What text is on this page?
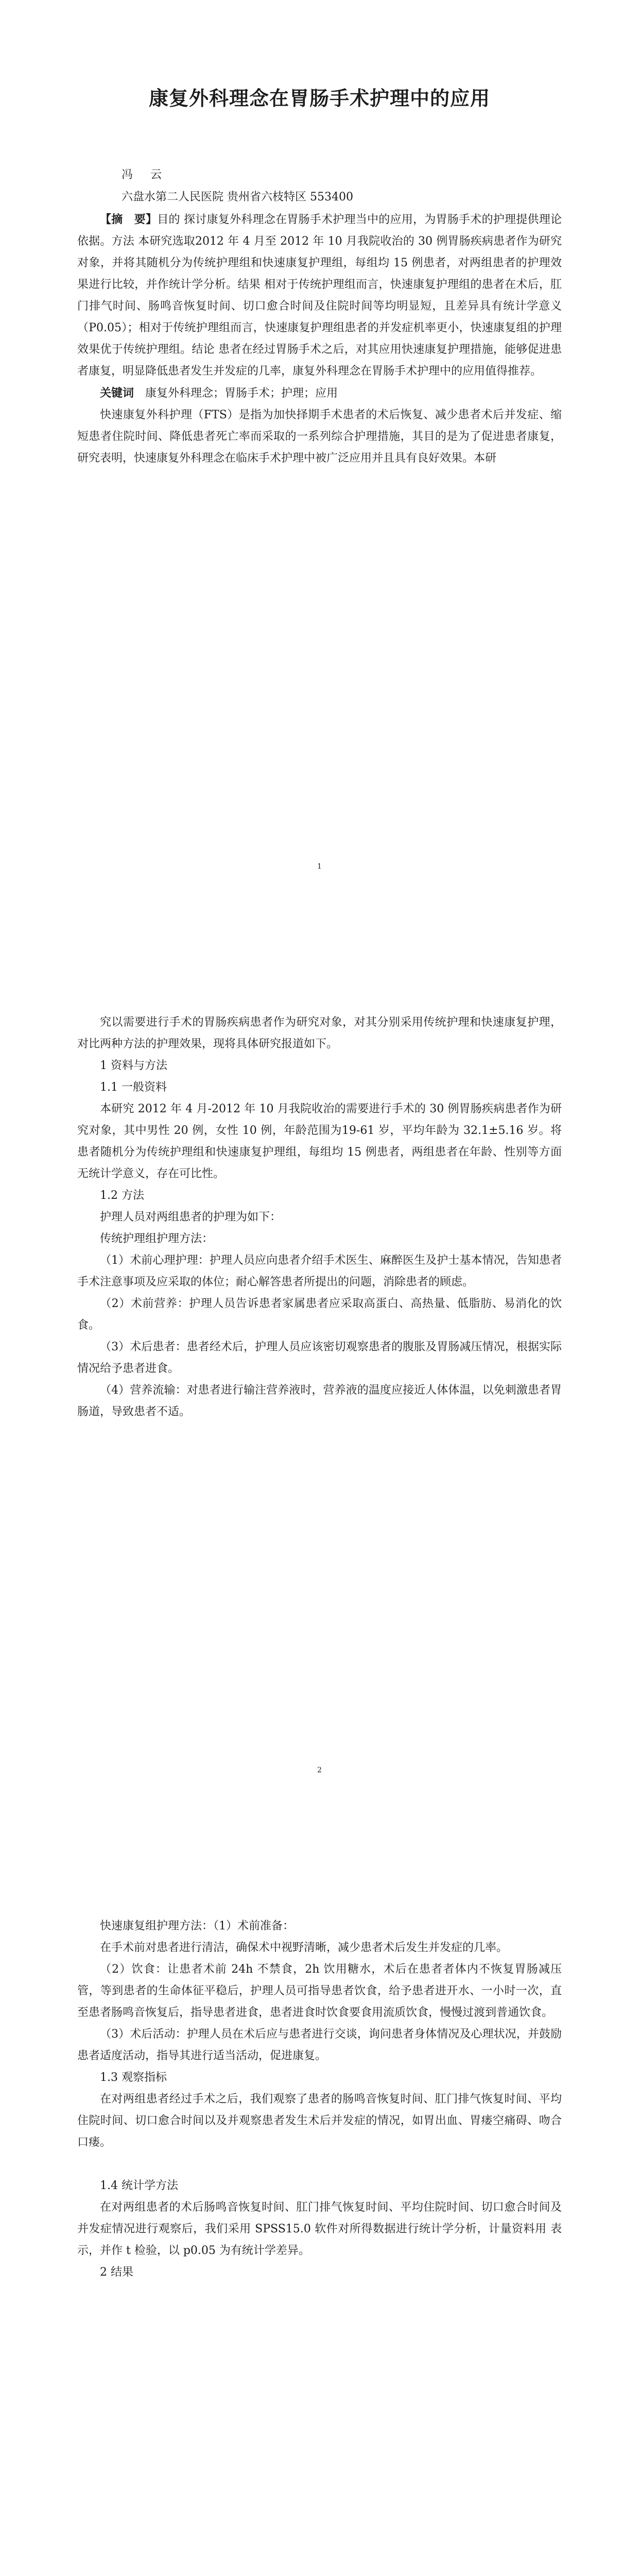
康复外科理念在胃肠手术护理中的应用

冯　云

六盘水第二人民医院 贵州省六枝特区 553400

【摘　要】目的 探讨康复外科理念在胃肠手术护理当中的应用，为胃肠手术的护理提供理论依据。方法 本研究选取2012 年 4 月至 2012 年 10 月我院收治的 30 例胃肠疾病患者作为研究对象，并将其随机分为传统护理组和快速康复护理组，每组均 15 例患者，对两组患者的护理效果进行比较，并作统计学分析。结果 相对于传统护理组而言，快速康复护理组的患者在术后，肛门排气时间、肠鸣音恢复时间、切口愈合时间及住院时间等均明显短，且差异具有统计学意义（P0.05）；相对于传统护理组而言，快速康复护理组患者的并发症机率更小，快速康复组的护理效果优于传统护理组。结论 患者在经过胃肠手术之后，对其应用快速康复护理措施，能够促进患者康复，明显降低患者发生并发症的几率，康复外科理念在胃肠手术护理中的应用值得推荐。

关键词　 康复外科理念；胃肠手术；护理；应用

快速康复外科护理（FTS）是指为加快择期手术患者的术后恢复、减少患者术后并发症、缩短患者住院时间、降低患者死亡率而采取的一系列综合护理措施，其目的是为了促进患者康复，研究表明，快速康复外科理念在临床手术护理中被广泛应用并且具有良好效果。本研

1

究以需要进行手术的胃肠疾病患者作为研究对象，对其分别采用传统护理和快速康复护理，对比两种方法的护理效果，现将具体研究报道如下。

1 资料与方法

1.1 一般资料

本研究 2012 年 4 月-2012 年 10 月我院收治的需要进行手术的 30 例胃肠疾病患者作为研究对象，其中男性 20 例，女性 10 例，年龄范围为19-61 岁，平均年龄为 32.1±5.16 岁。将患者随机分为传统护理组和快速康复护理组，每组均 15 例患者，两组患者在年龄、性别等方面无统计学意义，存在可比性。

1.2 方法

护理人员对两组患者的护理为如下：

传统护理组护理方法：

（1）术前心理护理：护理人员应向患者介绍手术医生、麻醉医生及护士基本情况，告知患者手术注意事项及应采取的体位；耐心解答患者所提出的问题，消除患者的顾虑。

（2）术前营养：护理人员告诉患者家属患者应采取高蛋白、高热量、低脂肪、易消化的饮食。

（3）术后患者：患者经术后，护理人员应该密切观察患者的腹胀及胃肠减压情况，根据实际情况给予患者进食。

（4）营养流输：对患者进行输注营养液时，营养液的温度应接近人体体温，以免刺激患者胃肠道，导致患者不适。

2

快速康复组护理方法：（1）术前准备：

在手术前对患者进行清洁，确保术中视野清晰，减少患者术后发生并发症的几率。

（2）饮食：让患者术前 24h 不禁食，2h 饮用糖水，术后在患者者体内不恢复胃肠减压管，等到患者的生命体征平稳后，护理人员可指导患者饮食，给予患者进开水、一小时一次，直至患者肠鸣音恢复后，指导患者进食，患者进食时饮食要食用流质饮食，慢慢过渡到普通饮食。

（3）术后活动：护理人员在术后应与患者进行交谈，询问患者身体情况及心理状况，并鼓励患者适度活动，指导其进行适当活动，促进康复。

1.3 观察指标

在对两组患者经过手术之后，我们观察了患者的肠鸣音恢复时间、肛门排气恢复时间、平均住院时间、切口愈合时间以及并观察患者发生术后并发症的情况，如胃出血、胃瘘空痛碍、吻合口瘘。

1.4 统计学方法

在对两组患者的术后肠鸣音恢复时间、肛门排气恢复时间、平均住院时间、切口愈合时间及并发症情况进行观察后，我们采用 SPSS15.0 软件对所得数据进行统计学分析，计量资料用 表示，并作 t 检验，以 p0.05 为有统计学差异。

2 结果
